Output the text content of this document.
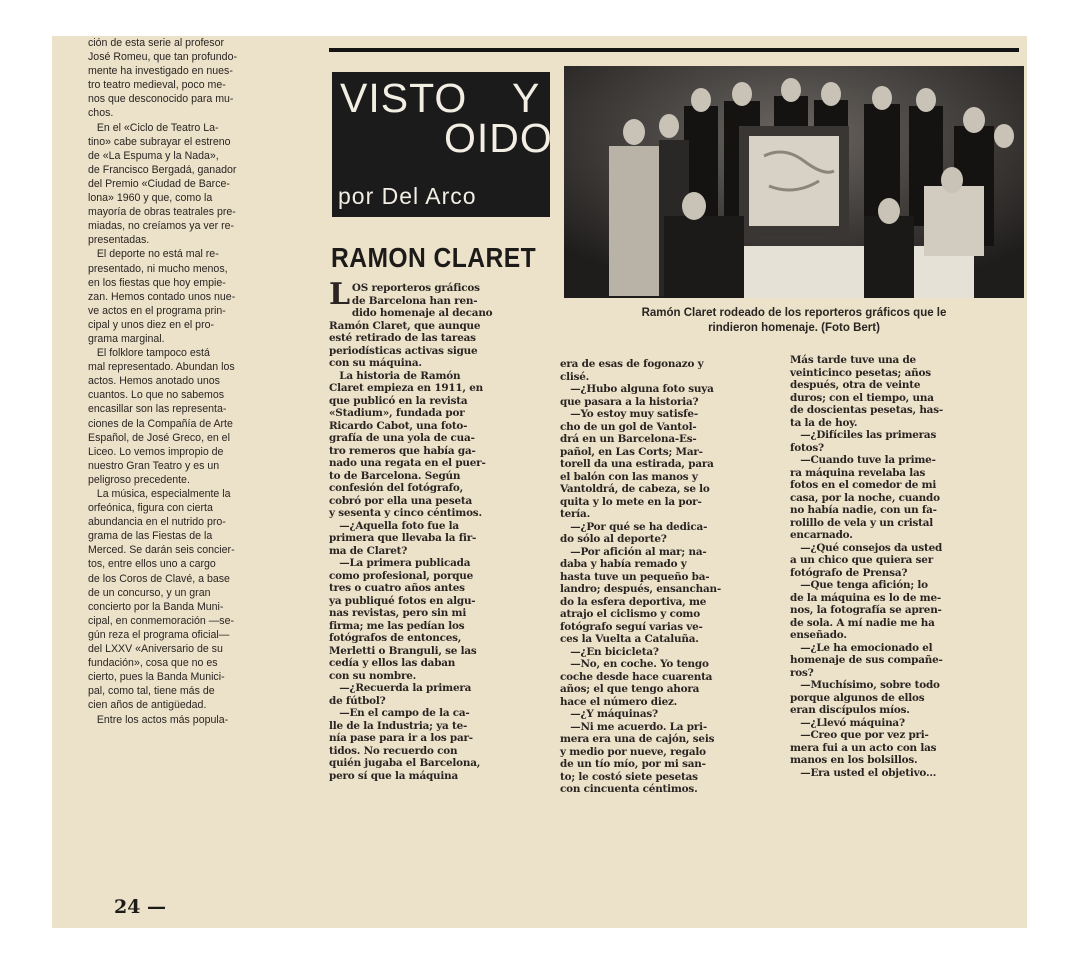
ción de esta serie al profesor
José Romeu, que tan profundo-
mente ha investigado en nues-
tro teatro medieval, poco me-
nos que desconocido para mu-
chos.
En el «Ciclo de Teatro La-
tino» cabe subrayar el estreno
de «La Espuma y la Nada»,
de Francisco Bergadá, ganador
del Premio «Ciudad de Barce-
lona» 1960 y que, como la
mayoría de obras teatrales pre-
miadas, no creíamos ya ver re-
presentadas.
El deporte no está mal re-
presentado, ni mucho menos,
en los fiestas que hoy empie-
zan. Hemos contado unos nue-
ve actos en el programa prin-
cipal y unos diez en el pro-
grama marginal.
El folklore tampoco está
mal representado. Abundan los
actos. Hemos anotado unos
cuantos. Lo que no sabemos
encasillar son las representa-
ciones de la Compañía de Arte
Español, de José Greco, en el
Liceo. Lo vemos impropio de
nuestro Gran Teatro y es un
peligroso precedente.
La música, especialmente la
orfeónica, figura con cierta
abundancia en el nutrido pro-
grama de las Fiestas de la
Merced. Se darán seis concier-
tos, entre ellos uno a cargo
de los Coros de Clavé, a base
de un concurso, y un gran
concierto por la Banda Muni-
cipal, en conmemoración —se-
gún reza el programa oficial—
del LXXV «Aniversario de su
fundación», cosa que no es
cierto, pues la Banda Munici-
pal, como tal, tiene más de
cien años de antigüedad.
Entre los actos más popula-
VISTO Y
OIDO
por Del Arco
Ramón Claret rodeado de los reporteros gráficos que le
rindieron homenaje. (Foto Bert)
RAMON CLARET
L OS reporteros gráficos
de Barcelona han ren-
dido homenaje al decano
Ramón Claret, que aunque
esté retirado de las tareas
periodísticas activas sigue
con su máquina.
La historia de Ramón
Claret empieza en 1911, en
que publicó en la revista
«Stadium», fundada por
Ricardo Cabot, una foto-
grafía de una yola de cua-
tro remeros que había ga-
nado una regata en el puer-
to de Barcelona. Según
confesión del fotógrafo,
cobró por ella una peseta
y sesenta y cinco céntimos.
—¿Aquella foto fue la
primera que llevaba la fir-
ma de Claret?
—La primera publicada
como profesional, porque
tres o cuatro años antes
ya publiqué fotos en algu-
nas revistas, pero sin mi
firma; me las pedían los
fotógrafos de entonces,
Merletti o Branguli, se las
cedía y ellos las daban
con su nombre.
—¿Recuerda la primera
de fútbol?
—En el campo de la ca-
lle de la Industria; ya te-
nía pase para ir a los par-
tidos. No recuerdo con
quién jugaba el Barcelona,
pero sí que la máquina
era de esas de fogonazo y
clisé.
—¿Hubo alguna foto suya
que pasara a la historia?
—Yo estoy muy satisfe-
cho de un gol de Vantol-
drá en un Barcelona-Es-
pañol, en Las Corts; Mar-
torell da una estirada, para
el balón con las manos y
Vantoldrá, de cabeza, se lo
quita y lo mete en la por-
tería.
—¿Por qué se ha dedica-
do sólo al deporte?
—Por afición al mar; na-
daba y había remado y
hasta tuve un pequeño ba-
landro; después, ensanchan-
do la esfera deportiva, me
atrajo el ciclismo y como
fotógrafo seguí varias ve-
ces la Vuelta a Cataluña.
—¿En bicicleta?
—No, en coche. Yo tengo
coche desde hace cuarenta
años; el que tengo ahora
hace el número diez.
—¿Y máquinas?
—Ni me acuerdo. La pri-
mera era una de cajón, seis
y medio por nueve, regalo
de un tío mío, por mi san-
to; le costó siete pesetas
con cincuenta céntimos.
Más tarde tuve una de
veinticinco pesetas; años
después, otra de veinte
duros; con el tiempo, una
de doscientas pesetas, has-
ta la de hoy.
—¿Difíciles las primeras
fotos?
—Cuando tuve la prime-
ra máquina revelaba las
fotos en el comedor de mi
casa, por la noche, cuando
no había nadie, con un fa-
rolillo de vela y un cristal
encarnado.
—¿Qué consejos da usted
a un chico que quiera ser
fotógrafo de Prensa?
—Que tenga afición; lo
de la máquina es lo de me-
nos, la fotografía se apren-
de sola. A mí nadie me ha
enseñado.
—¿Le ha emocionado el
homenaje de sus compañe-
ros?
—Muchísimo, sobre todo
porque algunos de ellos
eran discípulos míos.
—¿Llevó máquina?
—Creo que por vez pri-
mera fui a un acto con las
manos en los bolsillos.
—Era usted el objetivo...
24 —
